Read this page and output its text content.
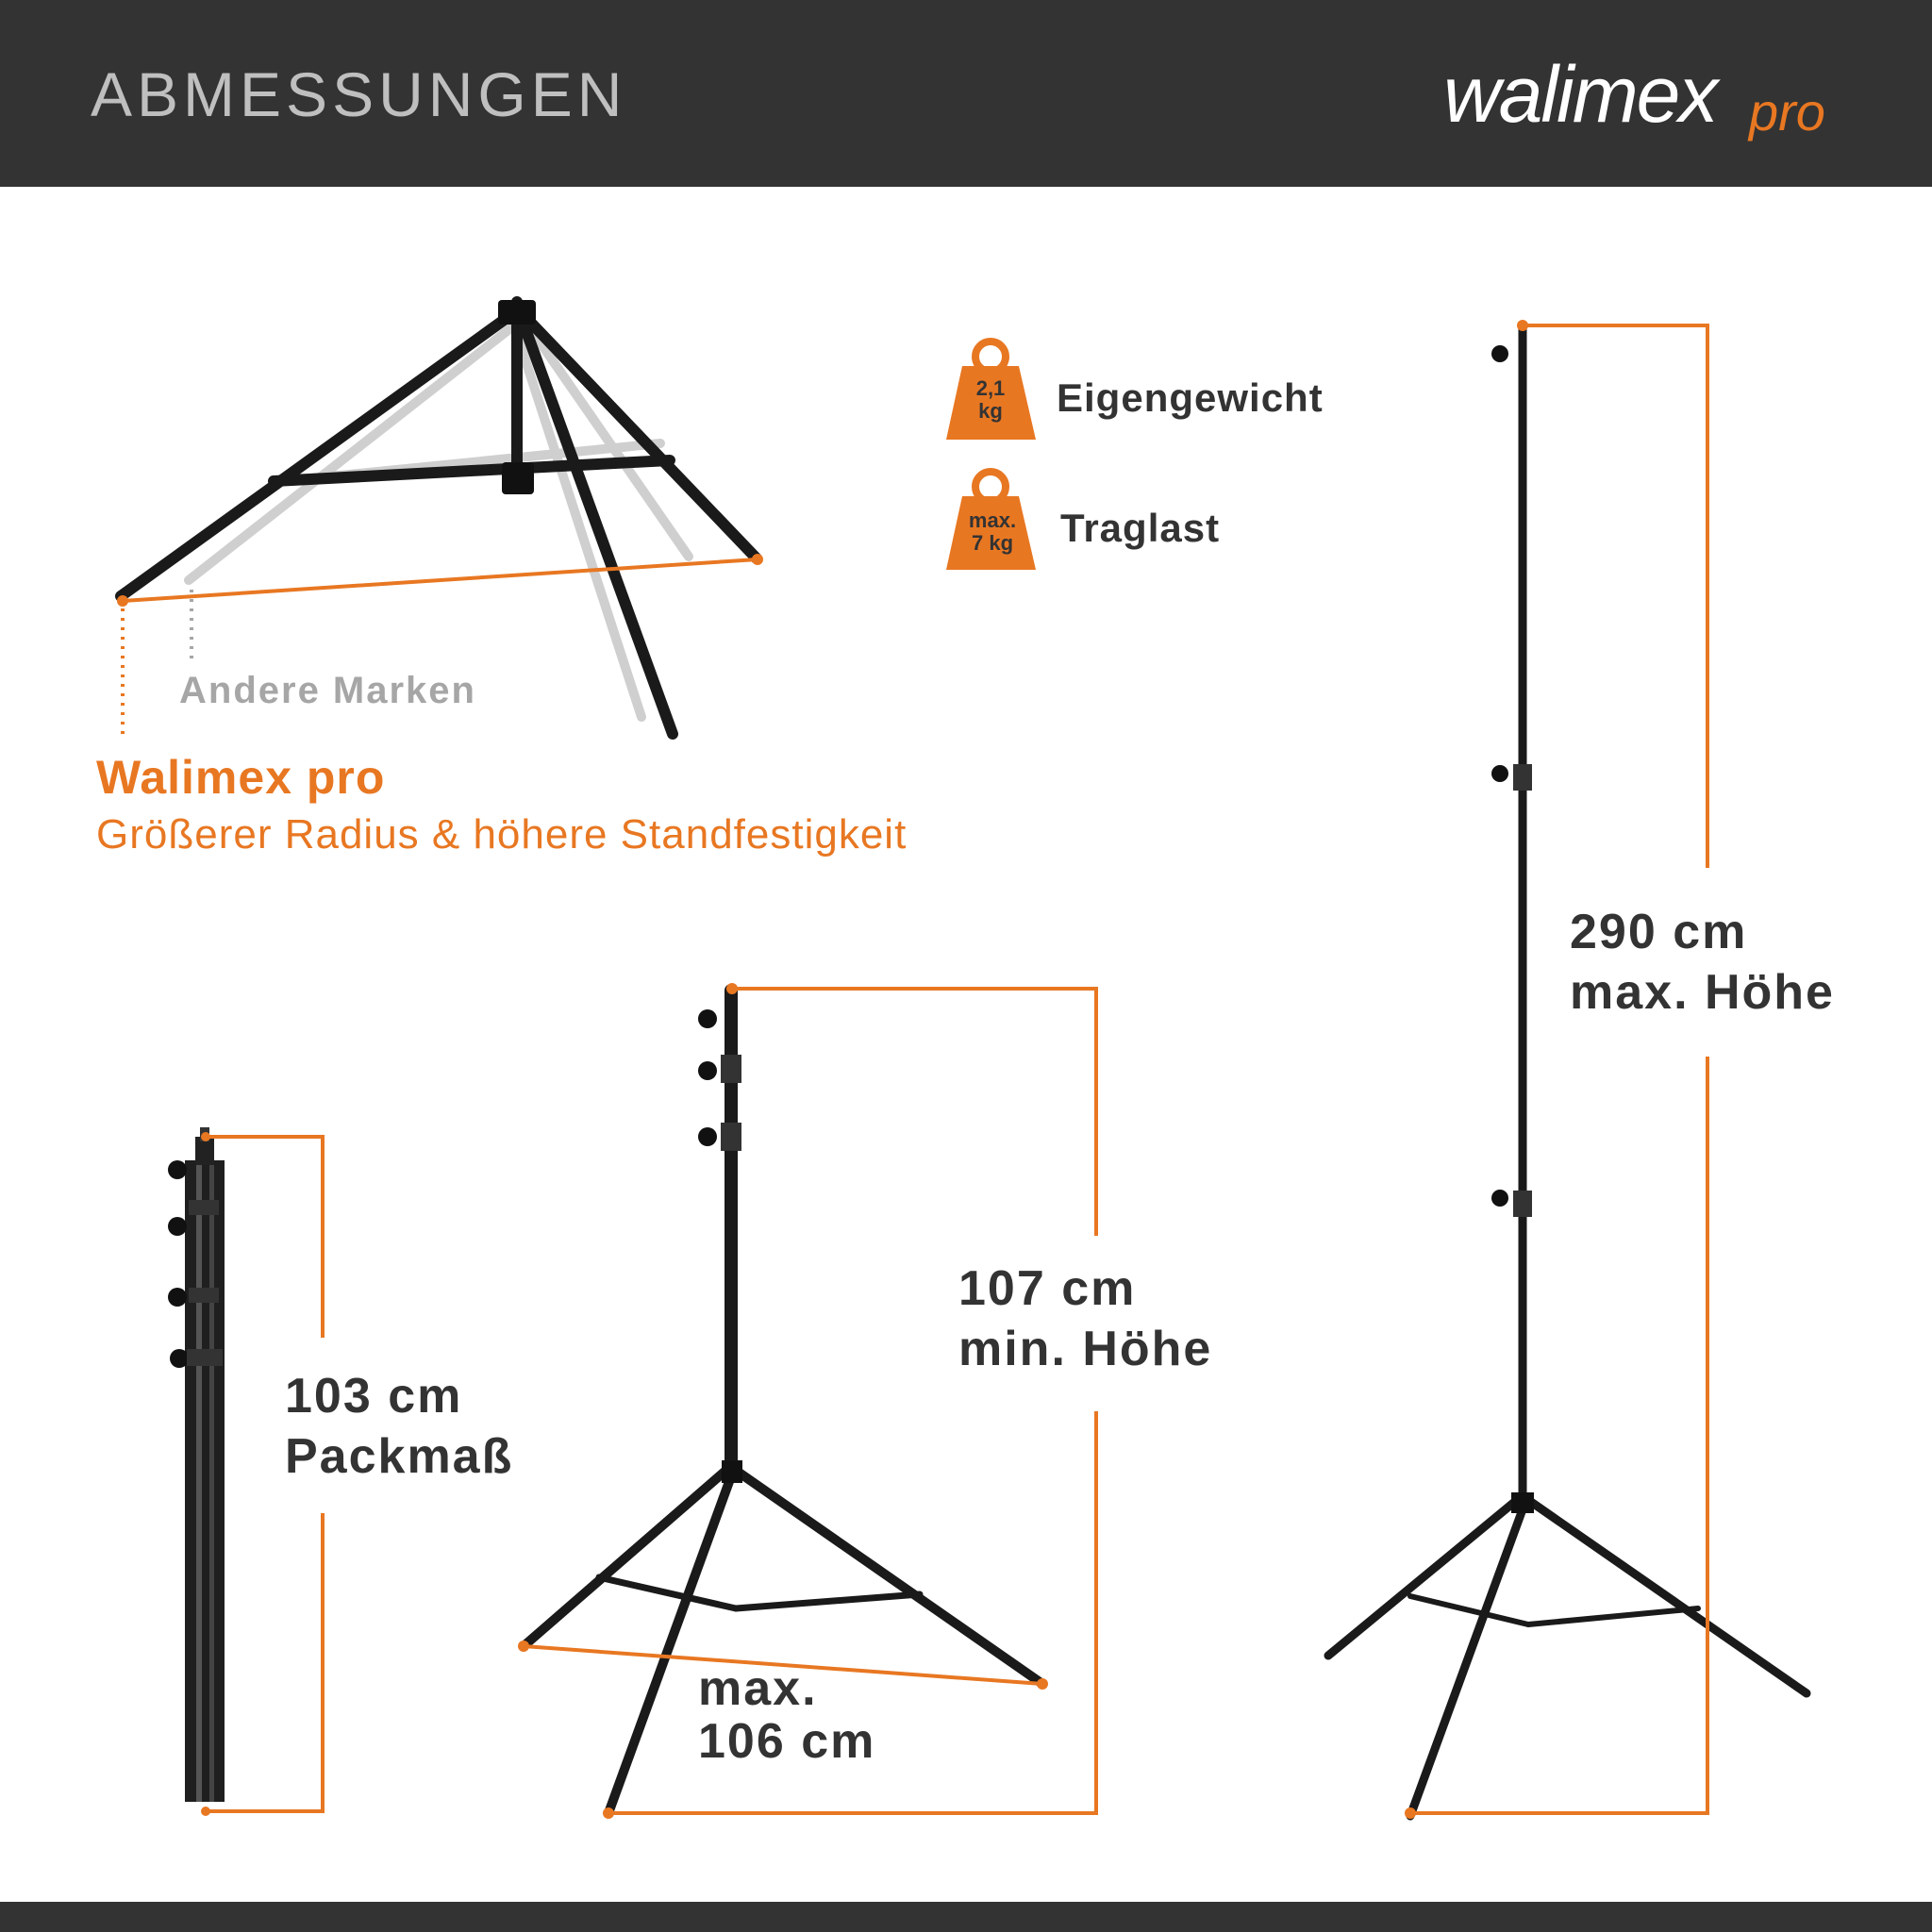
ABMESSUNGEN	walimex pro
Andere Marken
Walimex pro
Größerer Radius & höhere Standfestigkeit
2,1
kg	Eigengewicht
max.
7 kg	Traglast
103 cm
Packmaß
107 cm
min. Höhe
max.
106 cm
290 cm
max. Höhe
